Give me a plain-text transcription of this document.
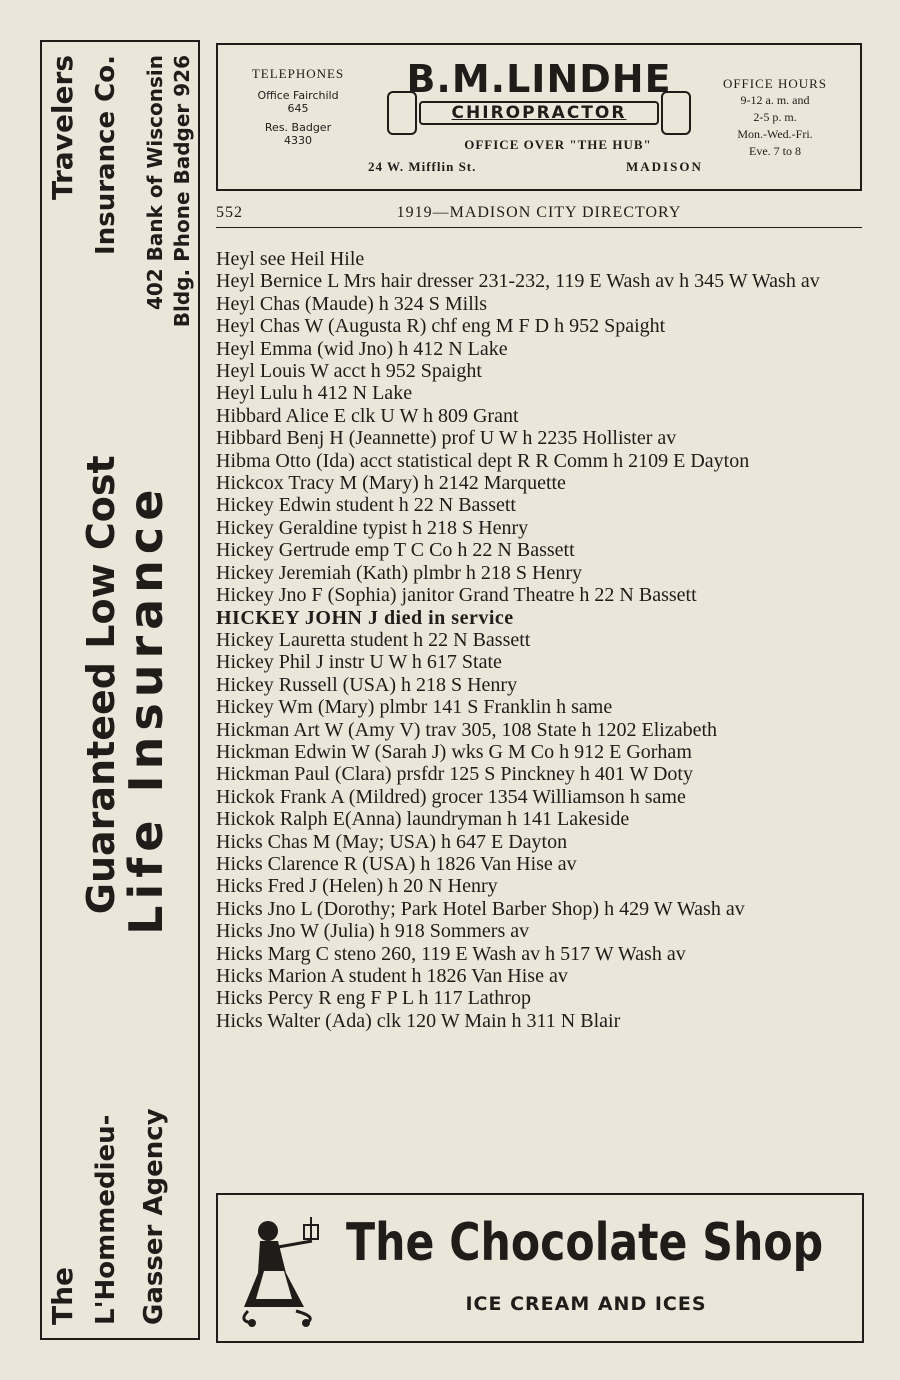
The
Travelers
L'Hommedieu-
Guaranteed Low Cost
Insurance Co.
Gasser Agency
Life Insurance
402 Bank of Wisconsin Bldg. Phone Badger 926	TELEPHONES
Office Fairchild
645
Res. Badger
4330
B.M.LINDHE
CHIROPRACTOR
OFFICE OVER "THE HUB"
24 W. Mifflin St.	MADISON
OFFICE HOURS
9-12 a. m. and
2-5 p. m.
Mon.-Wed.-Fri.
Eve. 7 to 8
552	1919—MADISON CITY DIRECTORY
Heyl see Heil Hile
Heyl Bernice L Mrs hair dresser 231-232, 119 E Wash av h 345 W Wash av
Heyl Chas (Maude) h 324 S Mills
Heyl Chas W (Augusta R) chf eng M F D h 952 Spaight
Heyl Emma (wid Jno) h 412 N Lake
Heyl Louis W acct h 952 Spaight
Heyl Lulu h 412 N Lake
Hibbard Alice E clk U W h 809 Grant
Hibbard Benj H (Jeannette) prof U W h 2235 Hollister av
Hibma Otto (Ida) acct statistical dept R R Comm h 2109 E Dayton
Hickcox Tracy M (Mary) h 2142 Marquette
Hickey Edwin student h 22 N Bassett
Hickey Geraldine typist h 218 S Henry
Hickey Gertrude emp T C Co h 22 N Bassett
Hickey Jeremiah (Kath) plmbr h 218 S Henry
Hickey Jno F (Sophia) janitor Grand Theatre h 22 N Bassett
HICKEY JOHN J died in service
Hickey Lauretta student h 22 N Bassett
Hickey Phil J instr U W h 617 State
Hickey Russell (USA) h 218 S Henry
Hickey Wm (Mary) plmbr 141 S Franklin h same
Hickman Art W (Amy V) trav 305, 108 State h 1202 Elizabeth
Hickman Edwin W (Sarah J) wks G M Co h 912 E Gorham
Hickman Paul (Clara) prsfdr 125 S Pinckney h 401 W Doty
Hickok Frank A (Mildred) grocer 1354 Williamson h same
Hickok Ralph E(Anna) laundryman h 141 Lakeside
Hicks Chas M (May; USA) h 647 E Dayton
Hicks Clarence R (USA) h 1826 Van Hise av
Hicks Fred J (Helen) h 20 N Henry
Hicks Jno L (Dorothy; Park Hotel Barber Shop) h 429 W Wash av
Hicks Jno W (Julia) h 918 Sommers av
Hicks Marg C steno 260, 119 E Wash av h 517 W Wash av
Hicks Marion A student h 1826 Van Hise av
Hicks Percy R eng F P L h 117 Lathrop
Hicks Walter (Ada) clk 120 W Main h 311 N Blair
The Chocolate Shop
ICE CREAM AND ICES
